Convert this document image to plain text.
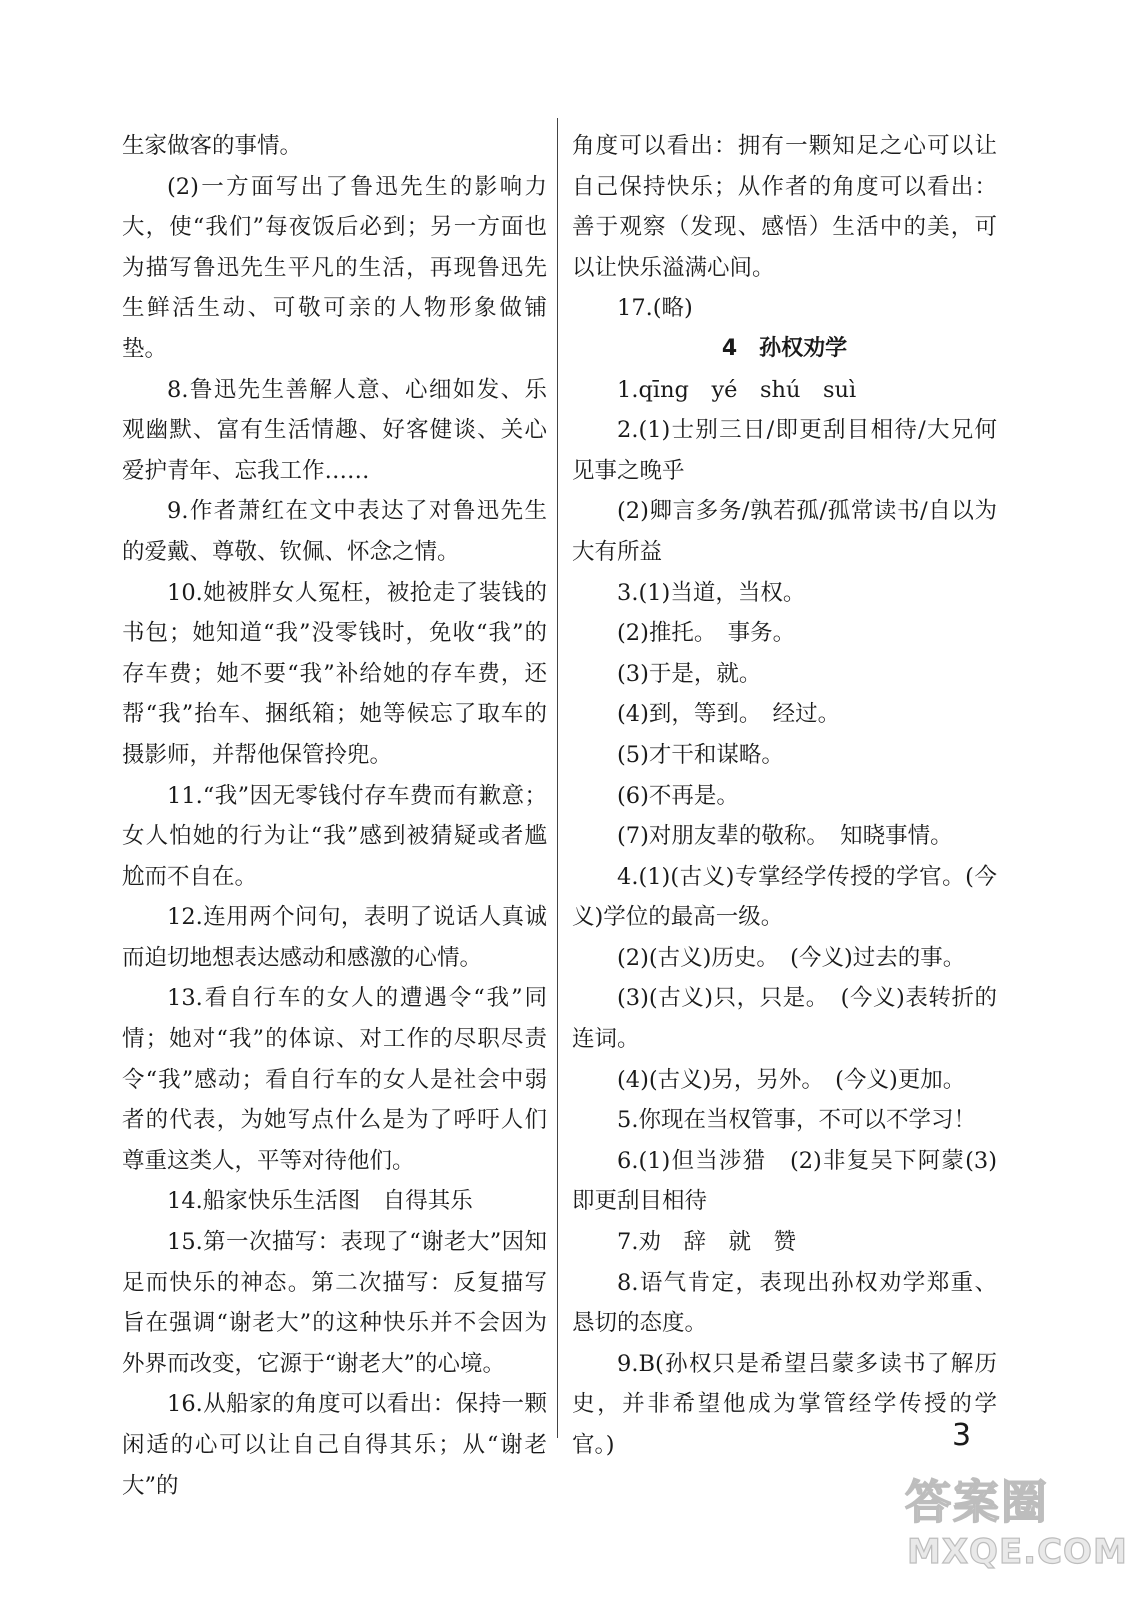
生家做客的事情。

(2)一方面写出了鲁迅先生的影响力大，使“我们”每夜饭后必到；另一方面也为描写鲁迅先生平凡的生活，再现鲁迅先生鲜活生动、可敬可亲的人物形象做铺垫。

8.鲁迅先生善解人意、心细如发、乐观幽默、富有生活情趣、好客健谈、关心爱护青年、忘我工作……

9.作者萧红在文中表达了对鲁迅先生的爱戴、尊敬、钦佩、怀念之情。

10.她被胖女人冤枉，被抢走了装钱的书包；她知道“我”没零钱时，免收“我”的存车费；她不要“我”补给她的存车费，还帮“我”抬车、捆纸箱；她等候忘了取车的摄影师，并帮他保管拎兜。

11.“我”因无零钱付存车费而有歉意；女人怕她的行为让“我”感到被猜疑或者尴尬而不自在。

12.连用两个问句，表明了说话人真诚而迫切地想表达感动和感激的心情。

13.看自行车的女人的遭遇令“我”同情；她对“我”的体谅、对工作的尽职尽责令“我”感动；看自行车的女人是社会中弱者的代表，为她写点什么是为了呼吁人们尊重这类人，平等对待他们。

14.船家快乐生活图　自得其乐

15.第一次描写：表现了“谢老大”因知足而快乐的神态。第二次描写：反复描写旨在强调“谢老大”的这种快乐并不会因为外界而改变，它源于“谢老大”的心境。

16.从船家的角度可以看出：保持一颗闲适的心可以让自己自得其乐；从“谢老大”的

角度可以看出：拥有一颗知足之心可以让自己保持快乐；从作者的角度可以看出：善于观察（发现、感悟）生活中的美，可以让快乐溢满心间。

17.(略)

4　孙权劝学

1.qīng　yé　shú　suì

2.(1)士别三日/即更刮目相待/大兄何见事之晚乎

(2)卿言多务/孰若孤/孤常读书/自以为大有所益

3.(1)当道，当权。

(2)推托。　事务。

(3)于是，就。

(4)到，等到。　经过。

(5)才干和谋略。

(6)不再是。

(7)对朋友辈的敬称。　知晓事情。

4.(1)(古义)专掌经学传授的学官。(今义)学位的最高一级。

(2)(古义)历史。　(今义)过去的事。

(3)(古义)只，只是。　(今义)表转折的连词。

(4)(古义)另，另外。　(今义)更加。

5.你现在当权管事，不可以不学习！

6.(1)但当涉猎　(2)非复吴下阿蒙(3)即更刮目相待

7.劝　辞　就　赞

8.语气肯定，表现出孙权劝学郑重、恳切的态度。

9.B(孙权只是希望吕蒙多读书了解历史，并非希望他成为掌管经学传授的学官。)	3
答案圈
MXQE.COM
